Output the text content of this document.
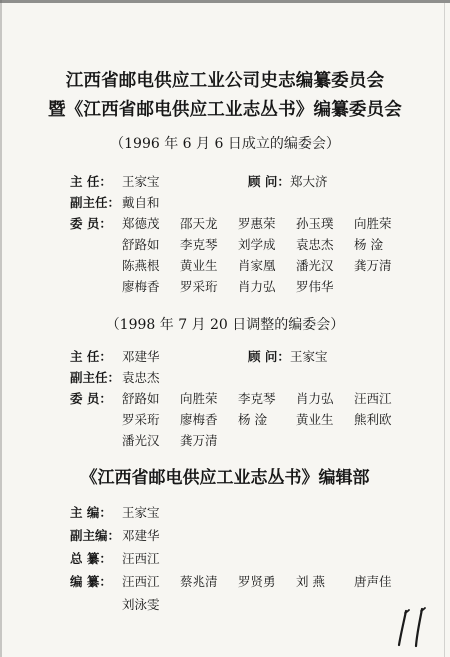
江西省邮电供应工业公司史志编纂委员会
暨《江西省邮电供应工业志丛书》编纂委员会
（1996 年 6 月 6 日成立的编委会）
主 任： 王家宝	顾 问： 郑大济
副主任： 戴自和
委 员： 郑德茂 邵天龙 罗惠荣 孙玉璞 向胜荣
舒路如 李克琴 刘学成 袁忠杰 杨 淦
陈燕根 黄业生 肖家凰 潘光汉 龚万清
廖梅香 罗采珩 肖力弘 罗伟华
（1998 年 7 月 20 日调整的编委会）
主 任： 邓建华	顾 问： 王家宝
副主任： 袁忠杰
委 员： 舒路如 向胜荣 李克琴 肖力弘 汪西江
罗采珩 廖梅香 杨 淦 黄业生 熊利欧
潘光汉 龚万清
《江西省邮电供应工业志丛书》编辑部
主 编： 王家宝
副主编： 邓建华
总 纂： 汪西江
编 纂： 汪西江 蔡兆清 罗贤勇 刘 燕 唐声佳
刘泳雯
